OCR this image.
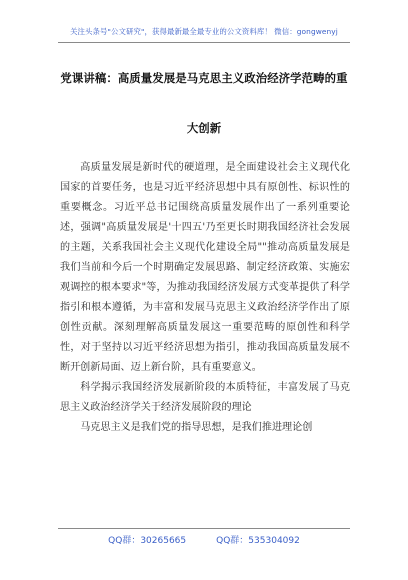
关注头条号"公文研究"，获得最新最全最专业的公文资料库！ 微信：gongwenyj
党课讲稿：高质量发展是马克思主义政治经济学范畴的重
大创新

高质量发展是新时代的硬道理，是全面建设社会主义现代化国家的首要任务，也是习近平经济思想中具有原创性、标识性的重要概念。习近平总书记围绕高质量发展作出了一系列重要论述，强调"高质量发展是'十四五'乃至更长时期我国经济社会发展的主题，关系我国社会主义现代化建设全局""推动高质量发展是我们当前和今后一个时期确定发展思路、制定经济政策、实施宏观调控的根本要求"等，为推动我国经济发展方式变革提供了科学指引和根本遵循，为丰富和发展马克思主义政治经济学作出了原创性贡献。深刻理解高质量发展这一重要范畴的原创性和科学性，对于坚持以习近平经济思想为指引，推动我国高质量发展不断开创新局面、迈上新台阶，具有重要意义。

科学揭示我国经济发展新阶段的本质特征，丰富发展了马克思主义政治经济学关于经济发展阶段的理论

马克思主义是我们党的指导思想，是我们推进理论创

QQ群：30265665	QQ群：535304092
